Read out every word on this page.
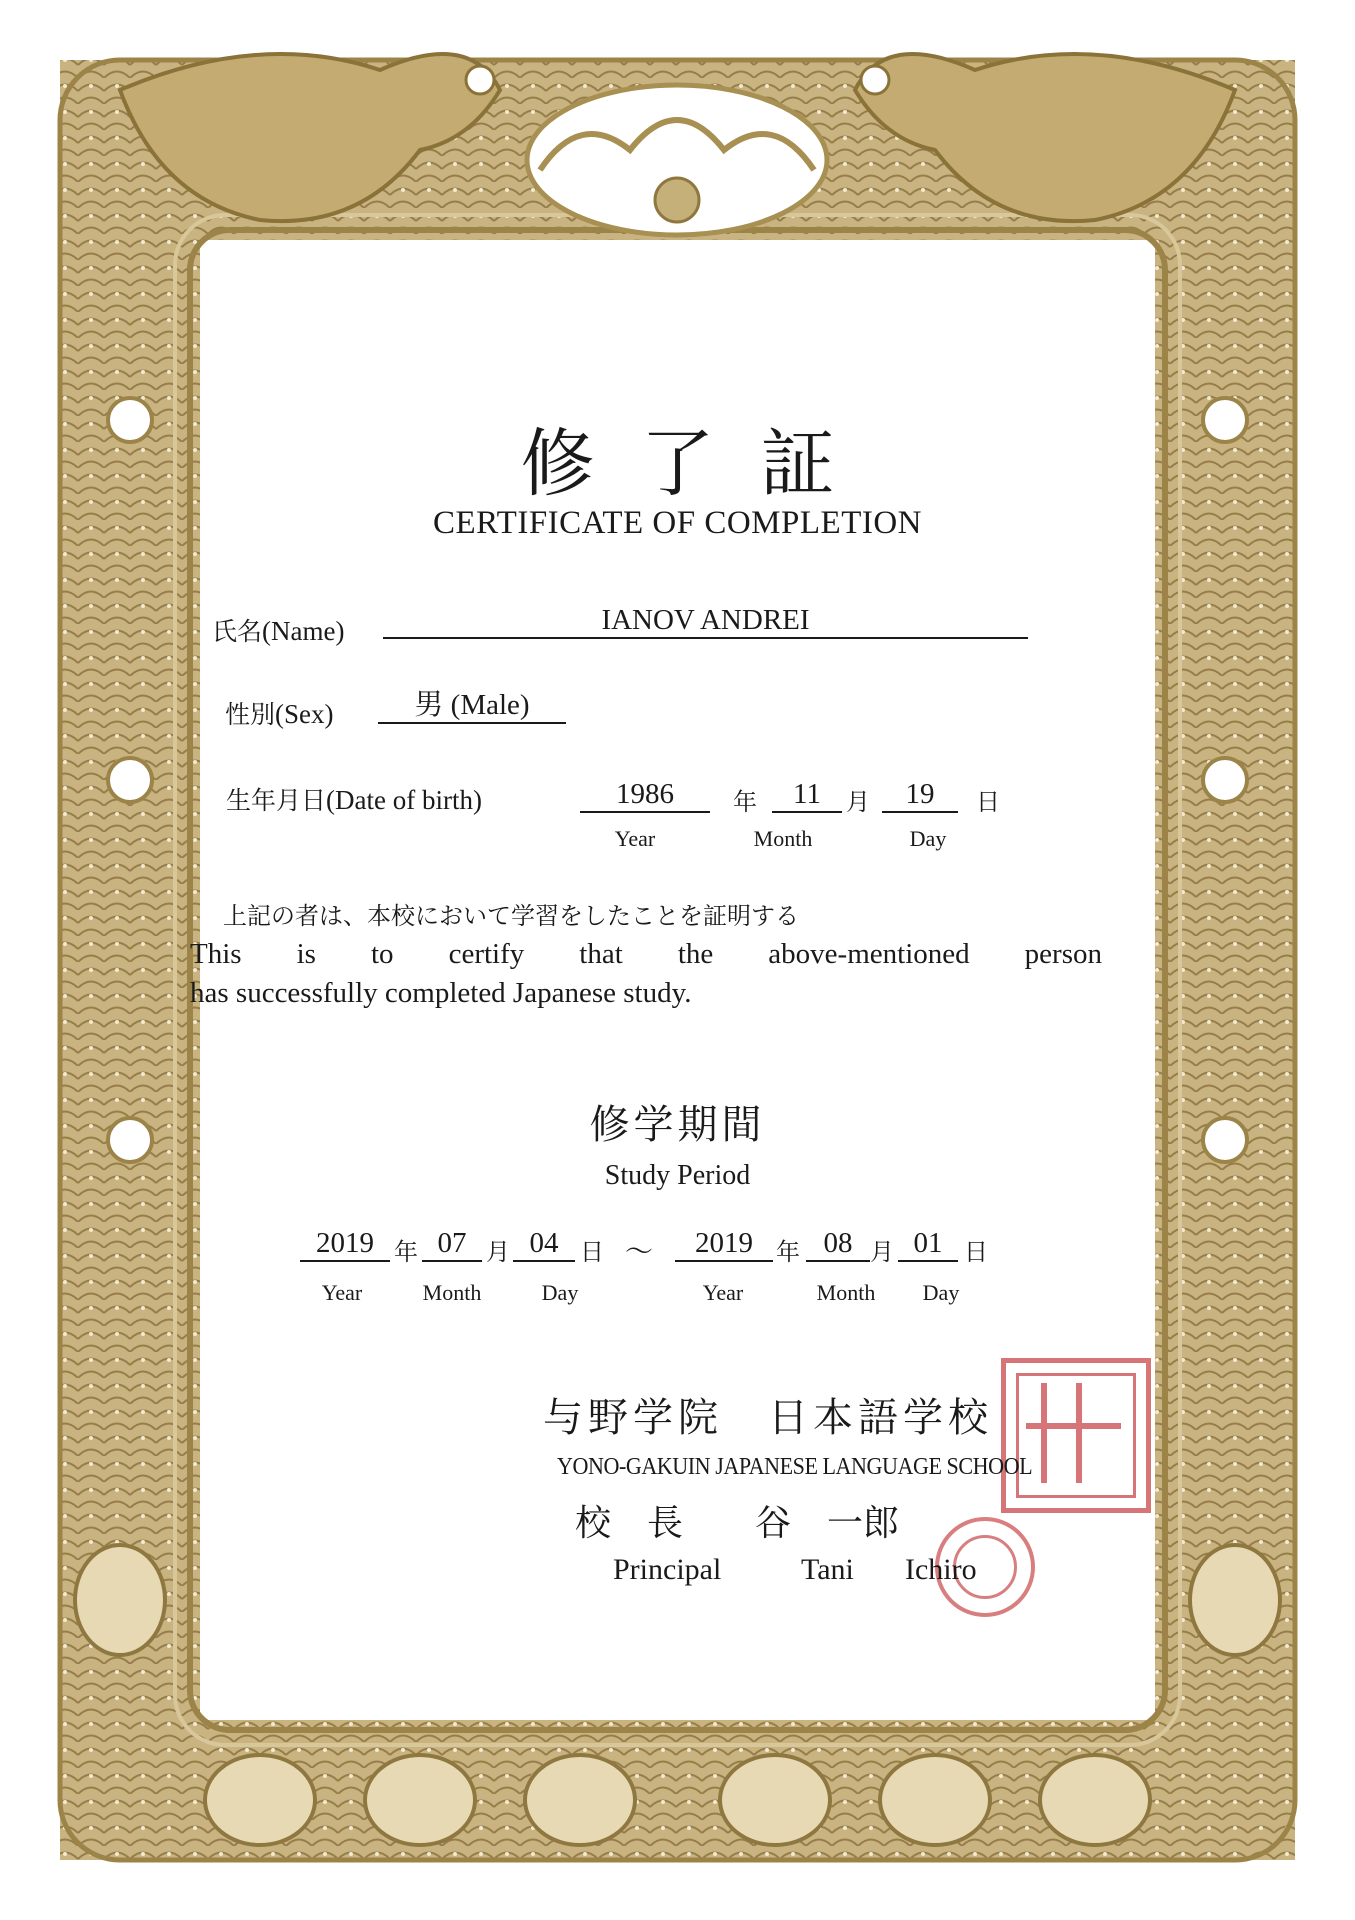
修了証
CERTIFICATE OF COMPLETION
氏名(Name)	IANOV ANDREI
性別(Sex)	男 (Male)
生年月日(Date of birth)	1986	年	11	月	19	日
Year	Month	Day
上記の者は、本校において学習をしたことを証明する
This is to certify that the above-mentioned person
has successfully completed Japanese study.
修学期間
Study Period
2019 年 07 月 04 日 ～	2019 年 08 月 01 日
Year	Month	Day	Year	Month	Day
与野学院　日本語学校
YONO-GAKUIN JAPANESE LANGUAGE SCHOOL
校　長　　谷　一郎
Principal	Tani Ichiro
